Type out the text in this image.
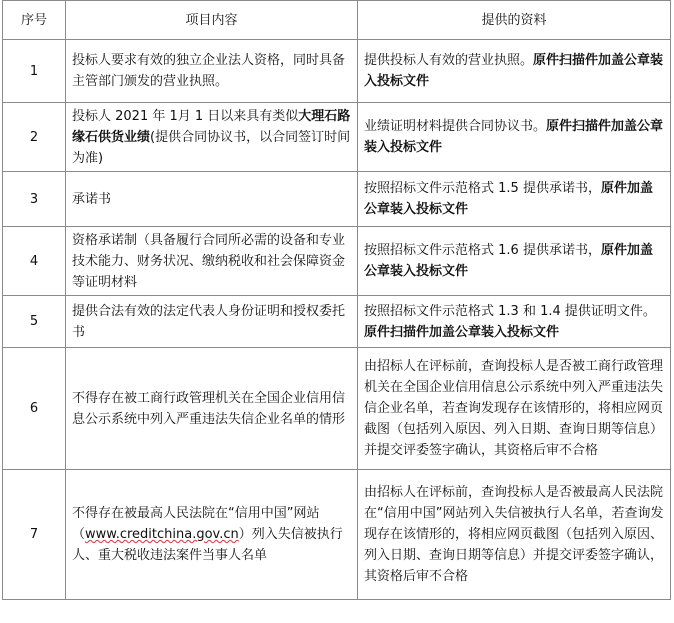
序号	项目内容	提供的资料
1	投标人要求有效的独立企业法人资格，同时具备主管部门颁发的营业执照。	提供投标人有效的营业执照。原件扫描件加盖公章装入投标文件
2	投标人 2021 年 1月 1 日以来具有类似大理石路缘石供货业绩(提供合同协议书，以合同签订时间为准)	业绩证明材料提供合同协议书。原件扫描件加盖公章装入投标文件
3	承诺书	按照招标文件示范格式 1.5 提供承诺书，原件加盖公章装入投标文件
4	资格承诺制（具备履行合同所必需的设备和专业技术能力、财务状况、缴纳税收和社会保障资金等证明材料	按照招标文件示范格式 1.6 提供承诺书，原件加盖公章装入投标文件
5	提供合法有效的法定代表人身份证明和授权委托书	按照招标文件示范格式 1.3 和 1.4 提供证明文件。原件扫描件加盖公章装入投标文件
6	不得存在被工商行政管理机关在全国企业信用信息公示系统中列入严重违法失信企业名单的情形	由招标人在评标前，查询投标人是否被工商行政管理机关在全国企业信用信息公示系统中列入严重违法失信企业名单，若查询发现存在该情形的，将相应网页截图（包括列入原因、列入日期、查询日期等信息）并提交评委签字确认，其资格后审不合格
7	不得存在被最高人民法院在“信用中国”网站（www.creditchina.gov.cn）列入失信被执行人、重大税收违法案件当事人名单	由招标人在评标前，查询投标人是否被最高人民法院在“信用中国”网站列入失信被执行人名单，若查询发现存在该情形的，将相应网页截图（包括列入原因、列入日期、查询日期等信息）并提交评委签字确认，其资格后审不合格
